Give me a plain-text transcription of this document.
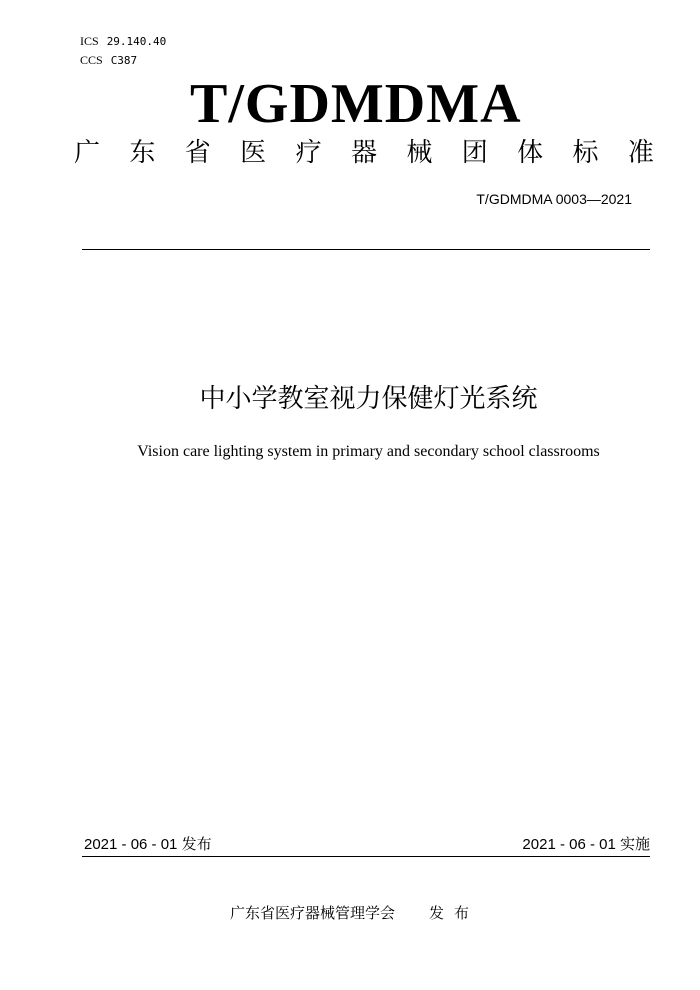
ICS 29.140.40
CCS C387
T/GDMDMA
广 东 省 医 疗 器 械 团 体 标 准
T/GDMDMA 0003—2021
中小学教室视力保健灯光系统
Vision care lighting system in primary and secondary school classrooms
2021 - 06 - 01 发布	2021 - 06 - 01 实施
广东省医疗器械管理学会 发布
